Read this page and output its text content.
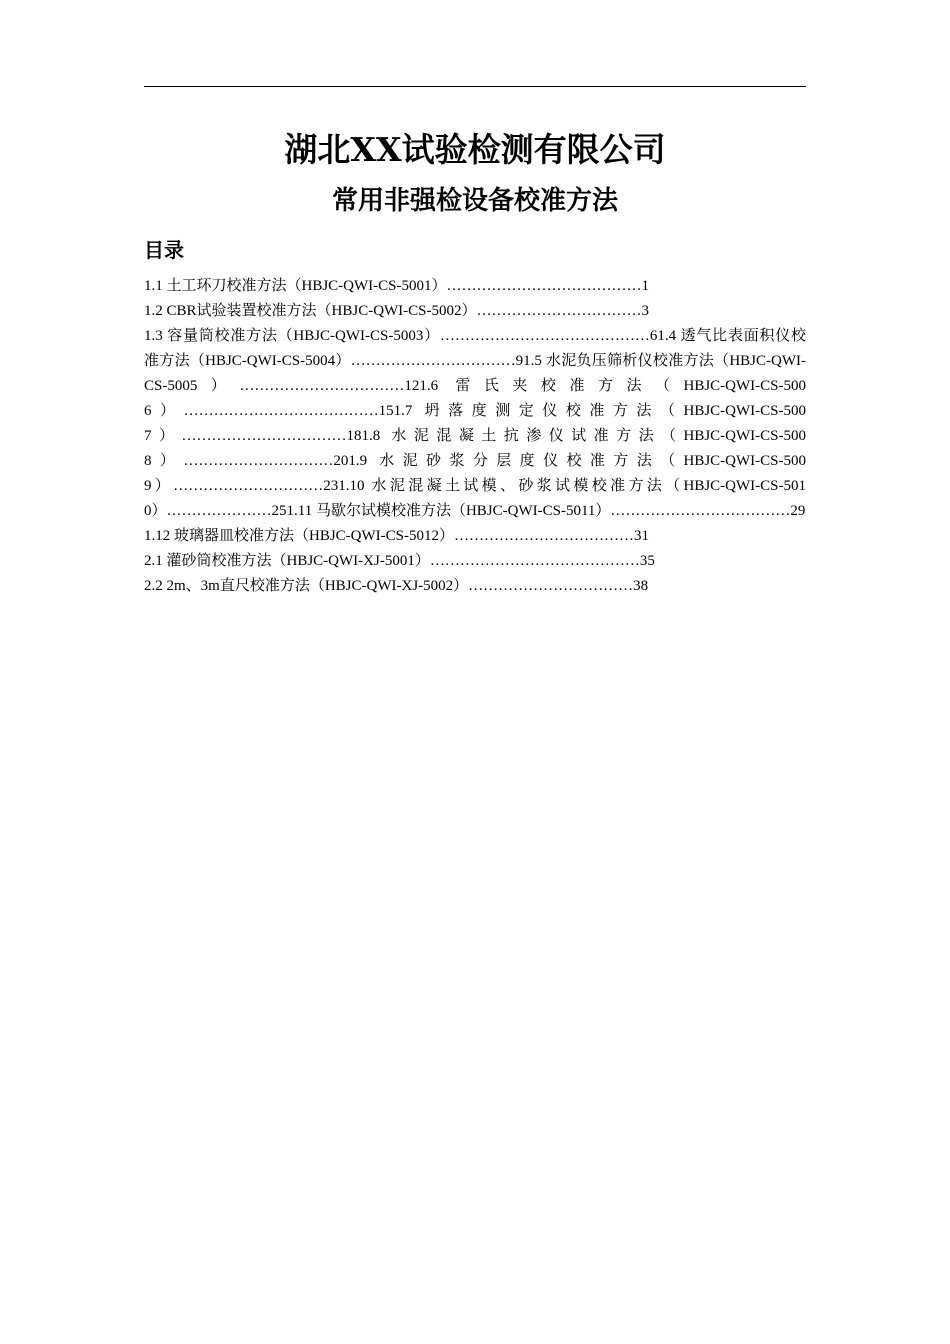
湖北XX试验检测有限公司
常用非强检设备校准方法
目录
1.1 土工环刀校准方法（HBJC-QWI-CS-5001）…………………………………1
1.2 CBR试验装置校准方法（HBJC-QWI-CS-5002）……………………………3
1.3 容量筒校准方法（HBJC-QWI-CS-5003）……………………………………61.4 透气比表面积仪校准方法（HBJC-QWI-CS-5004）……………………………91.5 水泥负压筛析仪校准方法（HBJC-QWI-CS-5005）……………………………121.6 雷氏夹校准方法（HBJC-QWI-CS-5006）…………………………………151.7 坍落度测定仪校准方法（HBJC-QWI-CS-5007）……………………………181.8 水泥混凝土抗渗仪试准方法（HBJC-QWI-CS-5008）…………………………201.9 水泥砂浆分层度仪校准方法（HBJC-QWI-CS-5009）…………………………231.10 水泥混凝土试模、砂浆试模校准方法（HBJC-QWI-CS-5010）…………………251.11 马歇尔试模校准方法（HBJC-QWI-CS-5011）………………………………29
1.12 玻璃器皿校准方法（HBJC-QWI-CS-5012）………………………………31
2.1 灌砂筒校准方法（HBJC-QWI-XJ-5001）……………………………………35
2.2 2m、3m直尺校准方法（HBJC-QWI-XJ-5002）……………………………38
